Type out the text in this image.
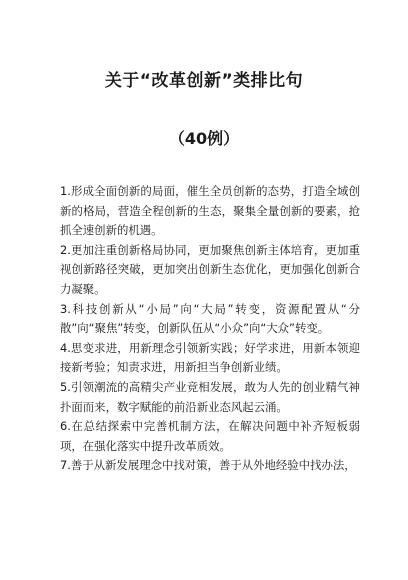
关于“改革创新”类排比句
（40例）

1.形成全面创新的局面，催生全员创新的态势，打造全域创新的格局，营造全程创新的生态，聚集全量创新的要素，抢抓全速创新的机遇。

2.更加注重创新格局协同，更加聚焦创新主体培育，更加重视创新路径突破，更加突出创新生态优化，更加强化创新合力凝聚。

3.科技创新从“小局”向“大局”转变，资源配置从“分散”向“聚焦”转变，创新队伍从“小众”向“大众”转变。

4.思变求进，用新理念引领新实践；好学求进，用新本领迎接新考验；知责求进，用新担当争创新业绩。

5.引领潮流的高精尖产业竞相发展，敢为人先的创业精气神扑面而来，数字赋能的前沿新业态风起云涌。

6.在总结探索中完善机制方法，在解决问题中补齐短板弱项，在强化落实中提升改革质效。

7.善于从新发展理念中找对策，善于从外地经验中找办法，
